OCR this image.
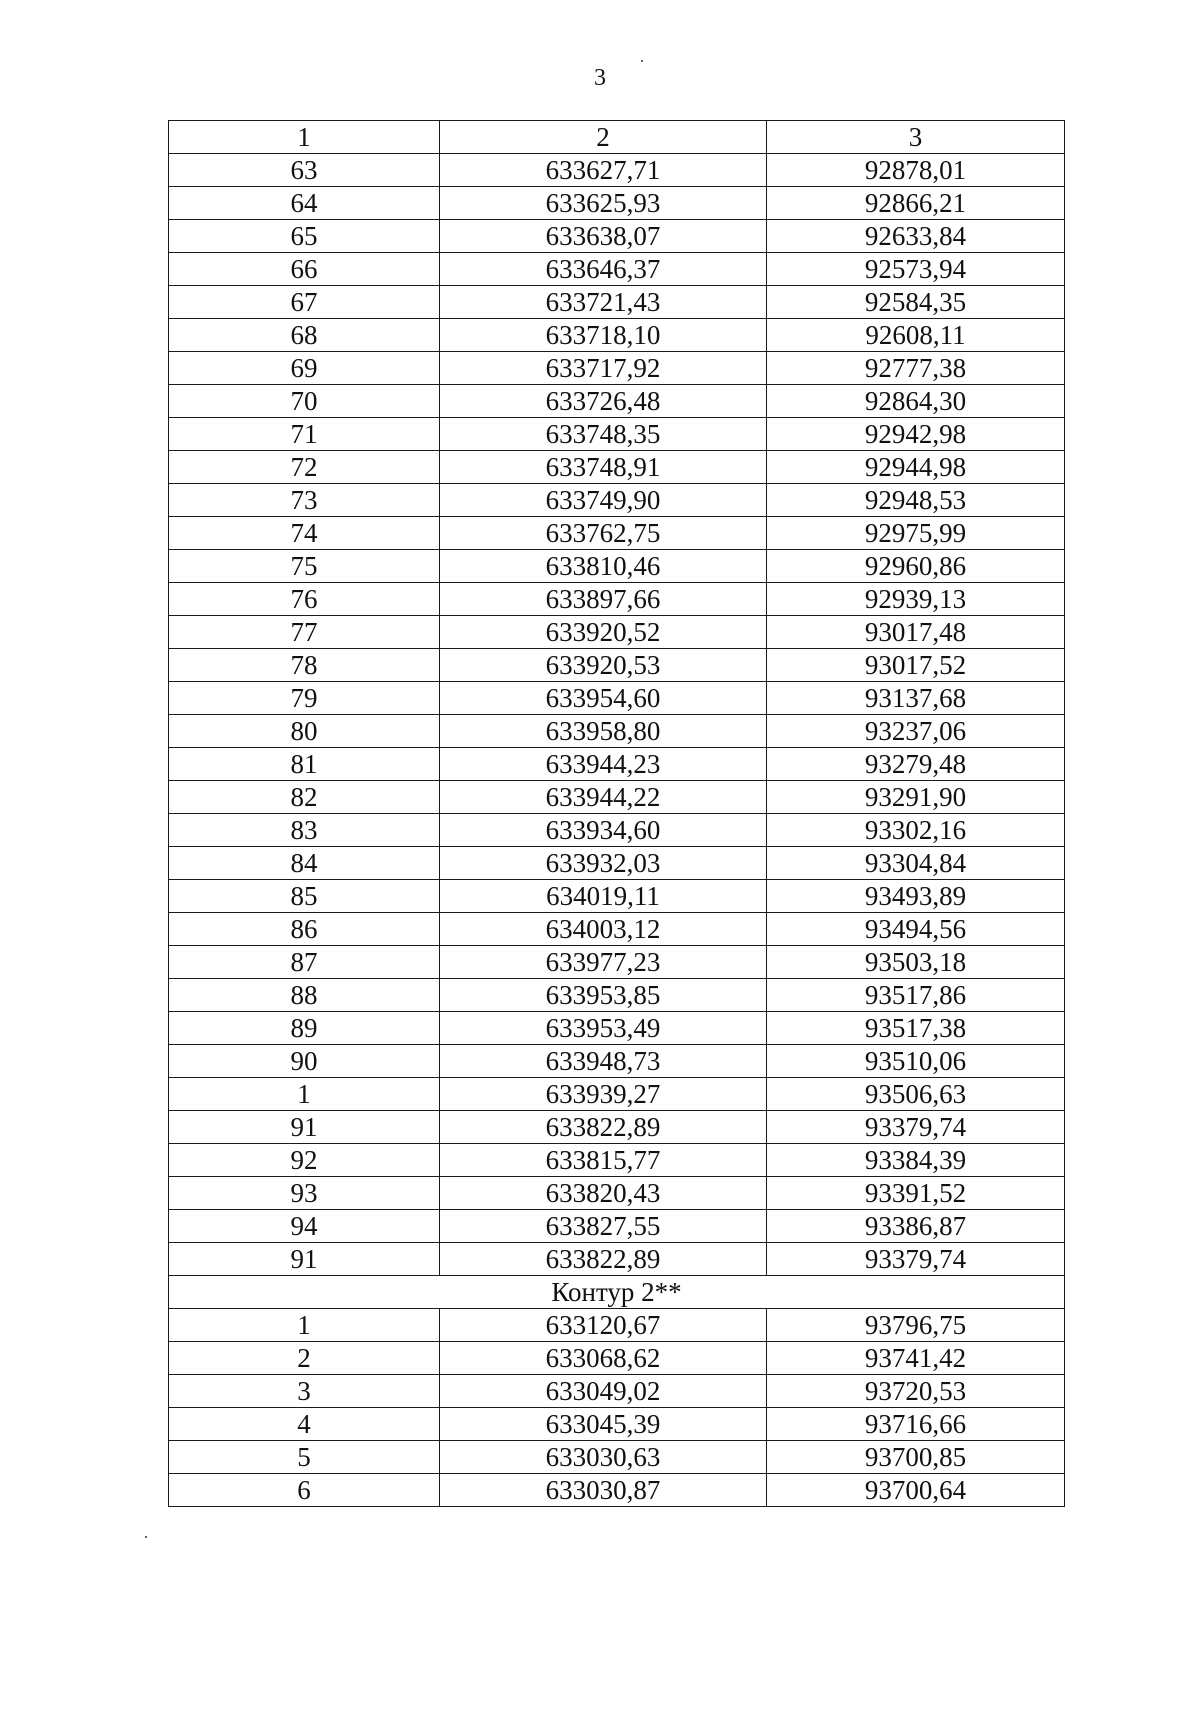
3
1	2	3
63	633627,71	92878,01
64	633625,93	92866,21
65	633638,07	92633,84
66	633646,37	92573,94
67	633721,43	92584,35
68	633718,10	92608,11
69	633717,92	92777,38
70	633726,48	92864,30
71	633748,35	92942,98
72	633748,91	92944,98
73	633749,90	92948,53
74	633762,75	92975,99
75	633810,46	92960,86
76	633897,66	92939,13
77	633920,52	93017,48
78	633920,53	93017,52
79	633954,60	93137,68
80	633958,80	93237,06
81	633944,23	93279,48
82	633944,22	93291,90
83	633934,60	93302,16
84	633932,03	93304,84
85	634019,11	93493,89
86	634003,12	93494,56
87	633977,23	93503,18
88	633953,85	93517,86
89	633953,49	93517,38
90	633948,73	93510,06
1	633939,27	93506,63
91	633822,89	93379,74
92	633815,77	93384,39
93	633820,43	93391,52
94	633827,55	93386,87
91	633822,89	93379,74
Контур 2**		
1	633120,67	93796,75
2	633068,62	93741,42
3	633049,02	93720,53
4	633045,39	93716,66
5	633030,63	93700,85
6	633030,87	93700,64
